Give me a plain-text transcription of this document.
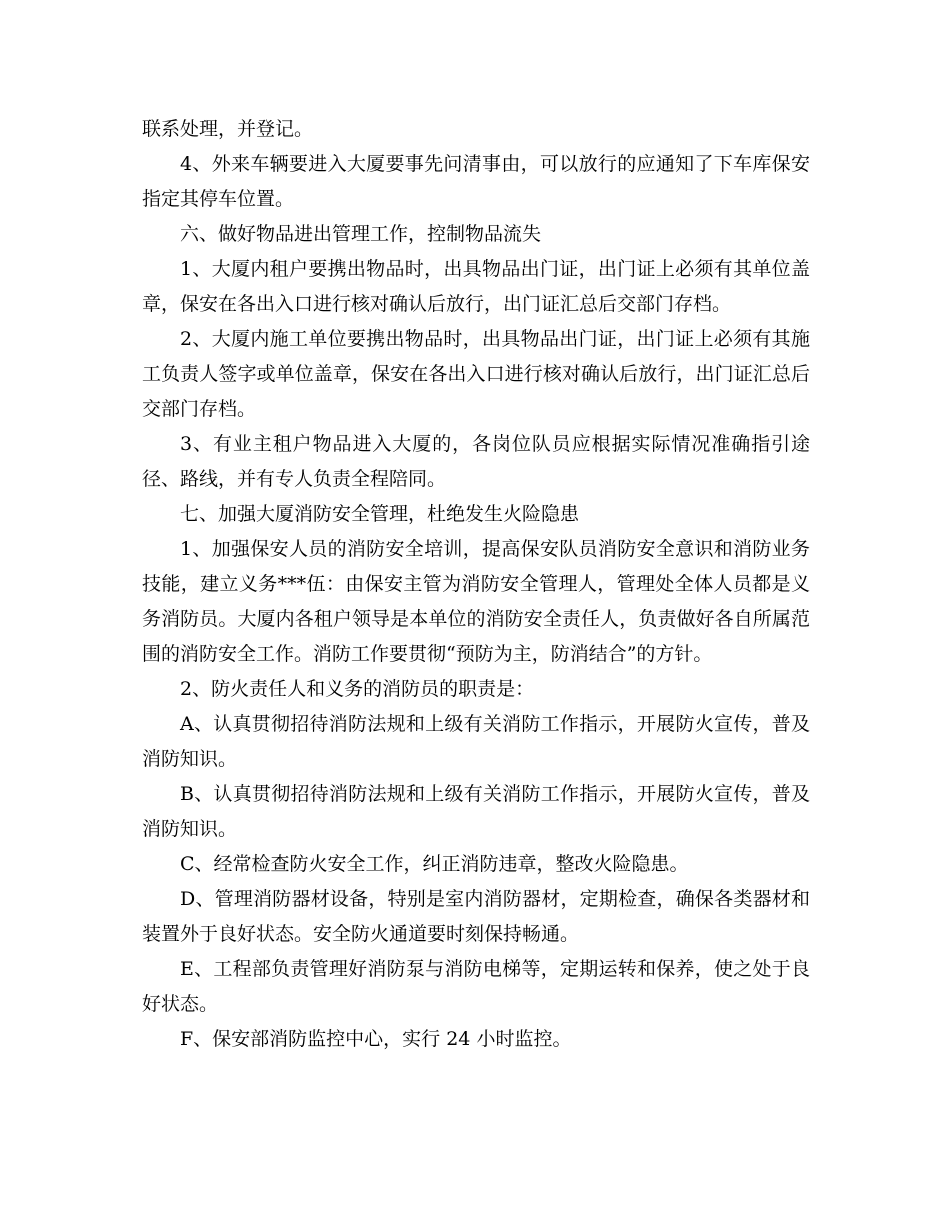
联系处理，并登记。

4、外来车辆要进入大厦要事先问清事由，可以放行的应通知了下车库保安指定其停车位置。

六、做好物品进出管理工作，控制物品流失

1、大厦内租户要携出物品时，出具物品出门证，出门证上必须有其单位盖章，保安在各出入口进行核对确认后放行，出门证汇总后交部门存档。

2、大厦内施工单位要携出物品时，出具物品出门证，出门证上必须有其施工负责人签字或单位盖章，保安在各出入口进行核对确认后放行，出门证汇总后交部门存档。

3、有业主租户物品进入大厦的，各岗位队员应根据实际情况准确指引途径、路线，并有专人负责全程陪同。

七、加强大厦消防安全管理，杜绝发生火险隐患

1、加强保安人员的消防安全培训，提高保安队员消防安全意识和消防业务技能，建立义务***伍：由保安主管为消防安全管理人，管理处全体人员都是义务消防员。大厦内各租户领导是本单位的消防安全责任人，负责做好各自所属范围的消防安全工作。消防工作要贯彻“预防为主，防消结合”的方针。

2、防火责任人和义务的消防员的职责是：

A、认真贯彻招待消防法规和上级有关消防工作指示，开展防火宣传，普及消防知识。

B、认真贯彻招待消防法规和上级有关消防工作指示，开展防火宣传，普及消防知识。

C、经常检查防火安全工作，纠正消防违章，整改火险隐患。

D、管理消防器材设备，特别是室内消防器材，定期检查，确保各类器材和装置外于良好状态。安全防火通道要时刻保持畅通。

E、工程部负责管理好消防泵与消防电梯等，定期运转和保养，使之处于良好状态。

F、保安部消防监控中心，实行 24 小时监控。
